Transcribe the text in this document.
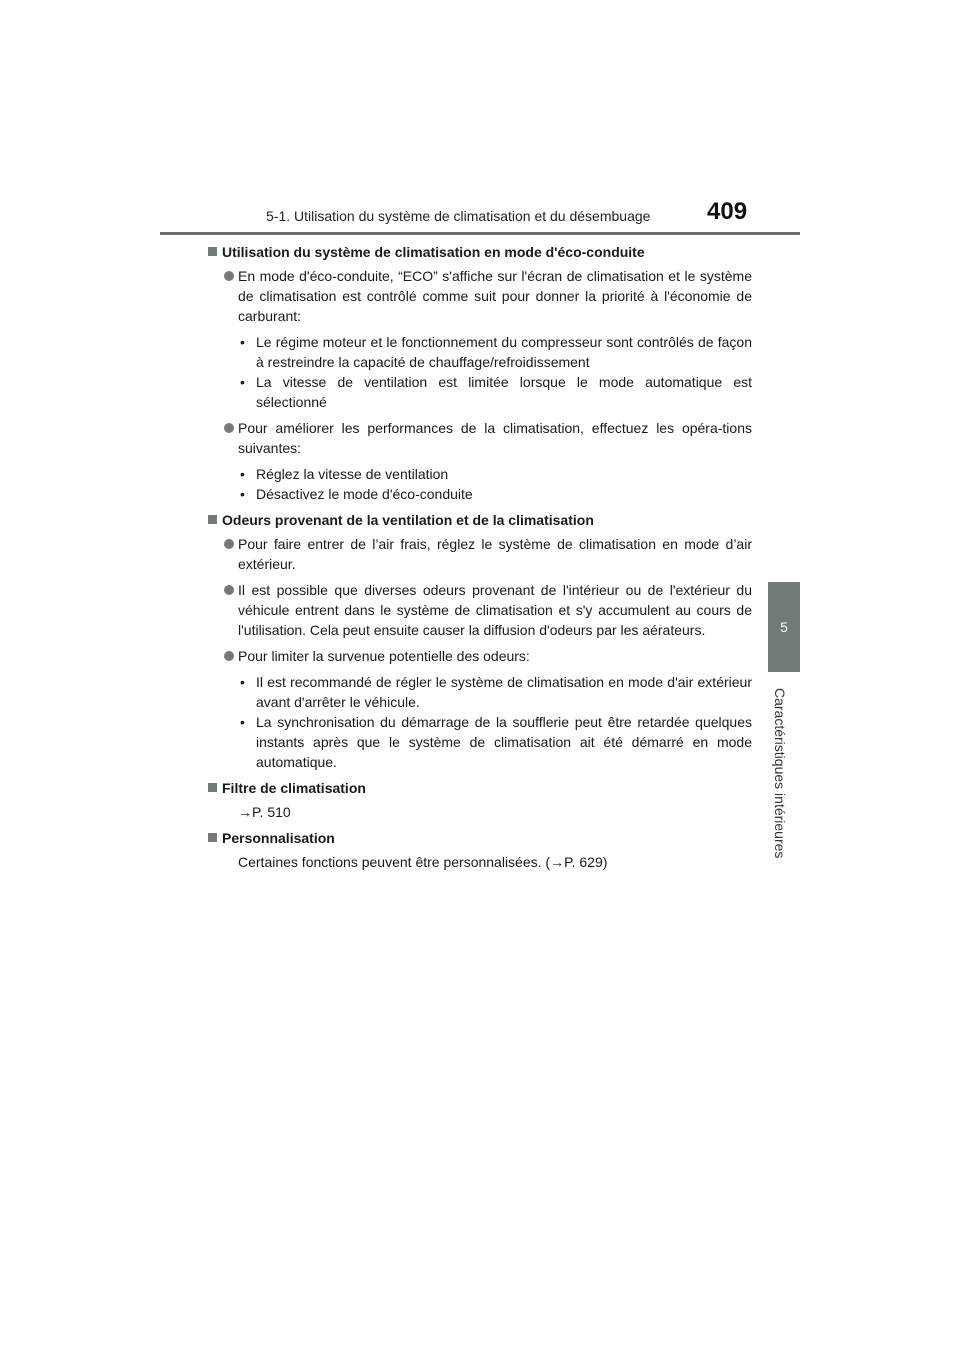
5-1. Utilisation du système de climatisation et du désembuage 409
5
Caractéristiques intérieures
Utilisation du système de climatisation en mode d'éco-conduite
En mode d'éco-conduite, “ECO” s'affiche sur l'écran de climatisation et le système de climatisation est contrôlé comme suit pour donner la priorité à l'économie de carburant:
• Le régime moteur et le fonctionnement du compresseur sont contrôlés de façon à restreindre la capacité de chauffage/refroidissement
• La vitesse de ventilation est limitée lorsque le mode automatique est sélectionné
Pour améliorer les performances de la climatisation, effectuez les opéra-tions suivantes:
• Réglez la vitesse de ventilation
• Désactivez le mode d'éco-conduite
Odeurs provenant de la ventilation et de la climatisation
Pour faire entrer de l’air frais, réglez le système de climatisation en mode d’air extérieur.
Il est possible que diverses odeurs provenant de l'intérieur ou de l'extérieur du véhicule entrent dans le système de climatisation et s'y accumulent au cours de l'utilisation. Cela peut ensuite causer la diffusion d'odeurs par les aérateurs.
Pour limiter la survenue potentielle des odeurs:
• Il est recommandé de régler le système de climatisation en mode d'air extérieur avant d'arrêter le véhicule.
• La synchronisation du démarrage de la soufflerie peut être retardée quelques instants après que le système de climatisation ait été démarré en mode automatique.
Filtre de climatisation
→P. 510
Personnalisation
Certaines fonctions peuvent être personnalisées. (→P. 629)
